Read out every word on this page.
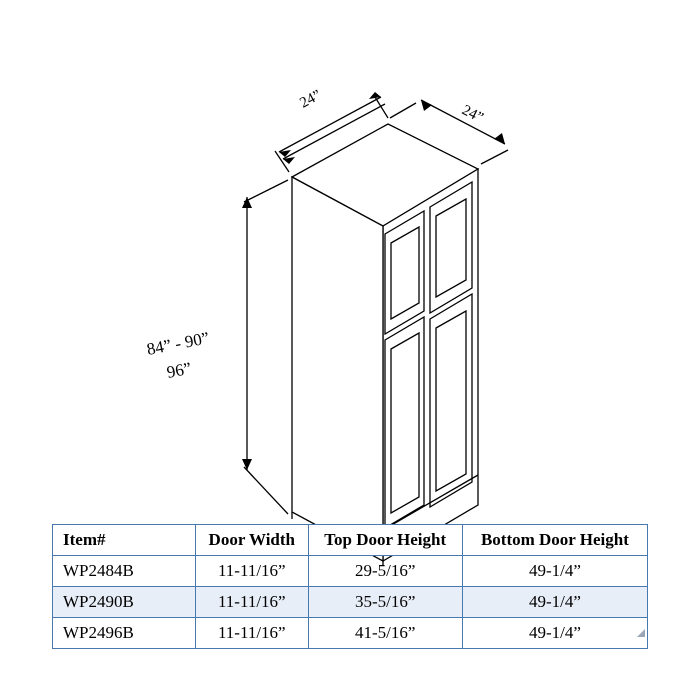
24”
24”
84” - 90”
96”
Item#	Door Width	Top Door Height	Bottom Door Height
WP2484B	11-11/16”	29-5/16”	49-1/4”
WP2490B	11-11/16”	35-5/16”	49-1/4”
WP2496B	11-11/16”	41-5/16”	49-1/4”
